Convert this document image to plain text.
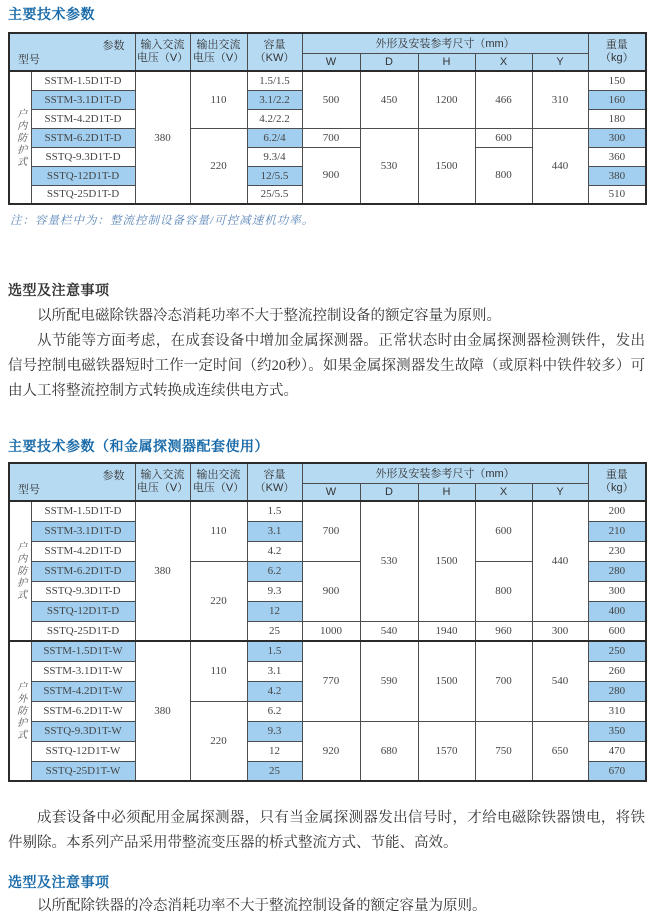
主要技术参数
参数
型号		输入交流
电压（V）	输出交流
电压（V）	容量
（KW）	外形及安装参考尺寸（mm）					重量
（kg）

					W	D	H	X	Y	
户内防护式	SSTM-1.5D1T-D	380	110	1.5/1.5	500	450	1200	466	310	150
	SSTM-3.1D1T-D			3.1/2.2						160
	SSTM-4.2D1T-D			4.2/2.2						180
	SSTM-6.2D1T-D		220	6.2/4	700	530	1500	600	440	300
	SSTQ-9.3D1T-D			9.3/4	900			800		360
	SSTQ-12D1T-D			12/5.5						380
	SSTQ-25D1T-D			25/5.5						510

注：容量栏中为：整流控制设备容量/可控减速机功率。

选型及注意事项

以所配电磁除铁器冷态消耗功率不大于整流控制设备的额定容量为原则。

从节能等方面考虑，在成套设备中增加金属探测器。正常状态时由金属探测器检测铁件，发出信号控制电磁铁器短时工作一定时间（约20秒）。如果金属探测器发生故障（或原料中铁件较多）可由人工将整流控制方式转换成连续供电方式。

主要技术参数（和金属探测器配套使用）
参数
型号		输入交流
电压（V）	输出交流
电压（V）	容量
（KW）	外形及安装参考尺寸（mm）					重量
（kg）

					W	D	H	X	Y	
户内防护式	SSTM-1.5D1T-D	380	110	1.5	700	530	1500	600	440	200
	SSTM-3.1D1T-D			3.1						210
	SSTM-4.2D1T-D			4.2						230
	SSTM-6.2D1T-D		220	6.2	900			800		280
	SSTQ-9.3D1T-D			9.3						300
	SSTQ-12D1T-D			12						400
	SSTQ-25D1T-D			25	1000	540	1940	960	300	600
户外防护式	SSTM-1.5D1T-W	380	110	1.5	770	590	1500	700	540	250
	SSTM-3.1D1T-W			3.1						260
	SSTM-4.2D1T-W			4.2						280
	SSTM-6.2D1T-W		220	6.2						310
	SSTQ-9.3D1T-W			9.3	920	680	1570	750	650	350
	SSTQ-12D1T-W			12						470
	SSTQ-25D1T-W			25						670

成套设备中必须配用金属探测器，只有当金属探测器发出信号时，才给电磁除铁器馈电，将铁件剔除。本系列产品采用带整流变压器的桥式整流方式、节能、高效。

选型及注意事项

以所配除铁器的冷态消耗功率不大于整流控制设备的额定容量为原则。
